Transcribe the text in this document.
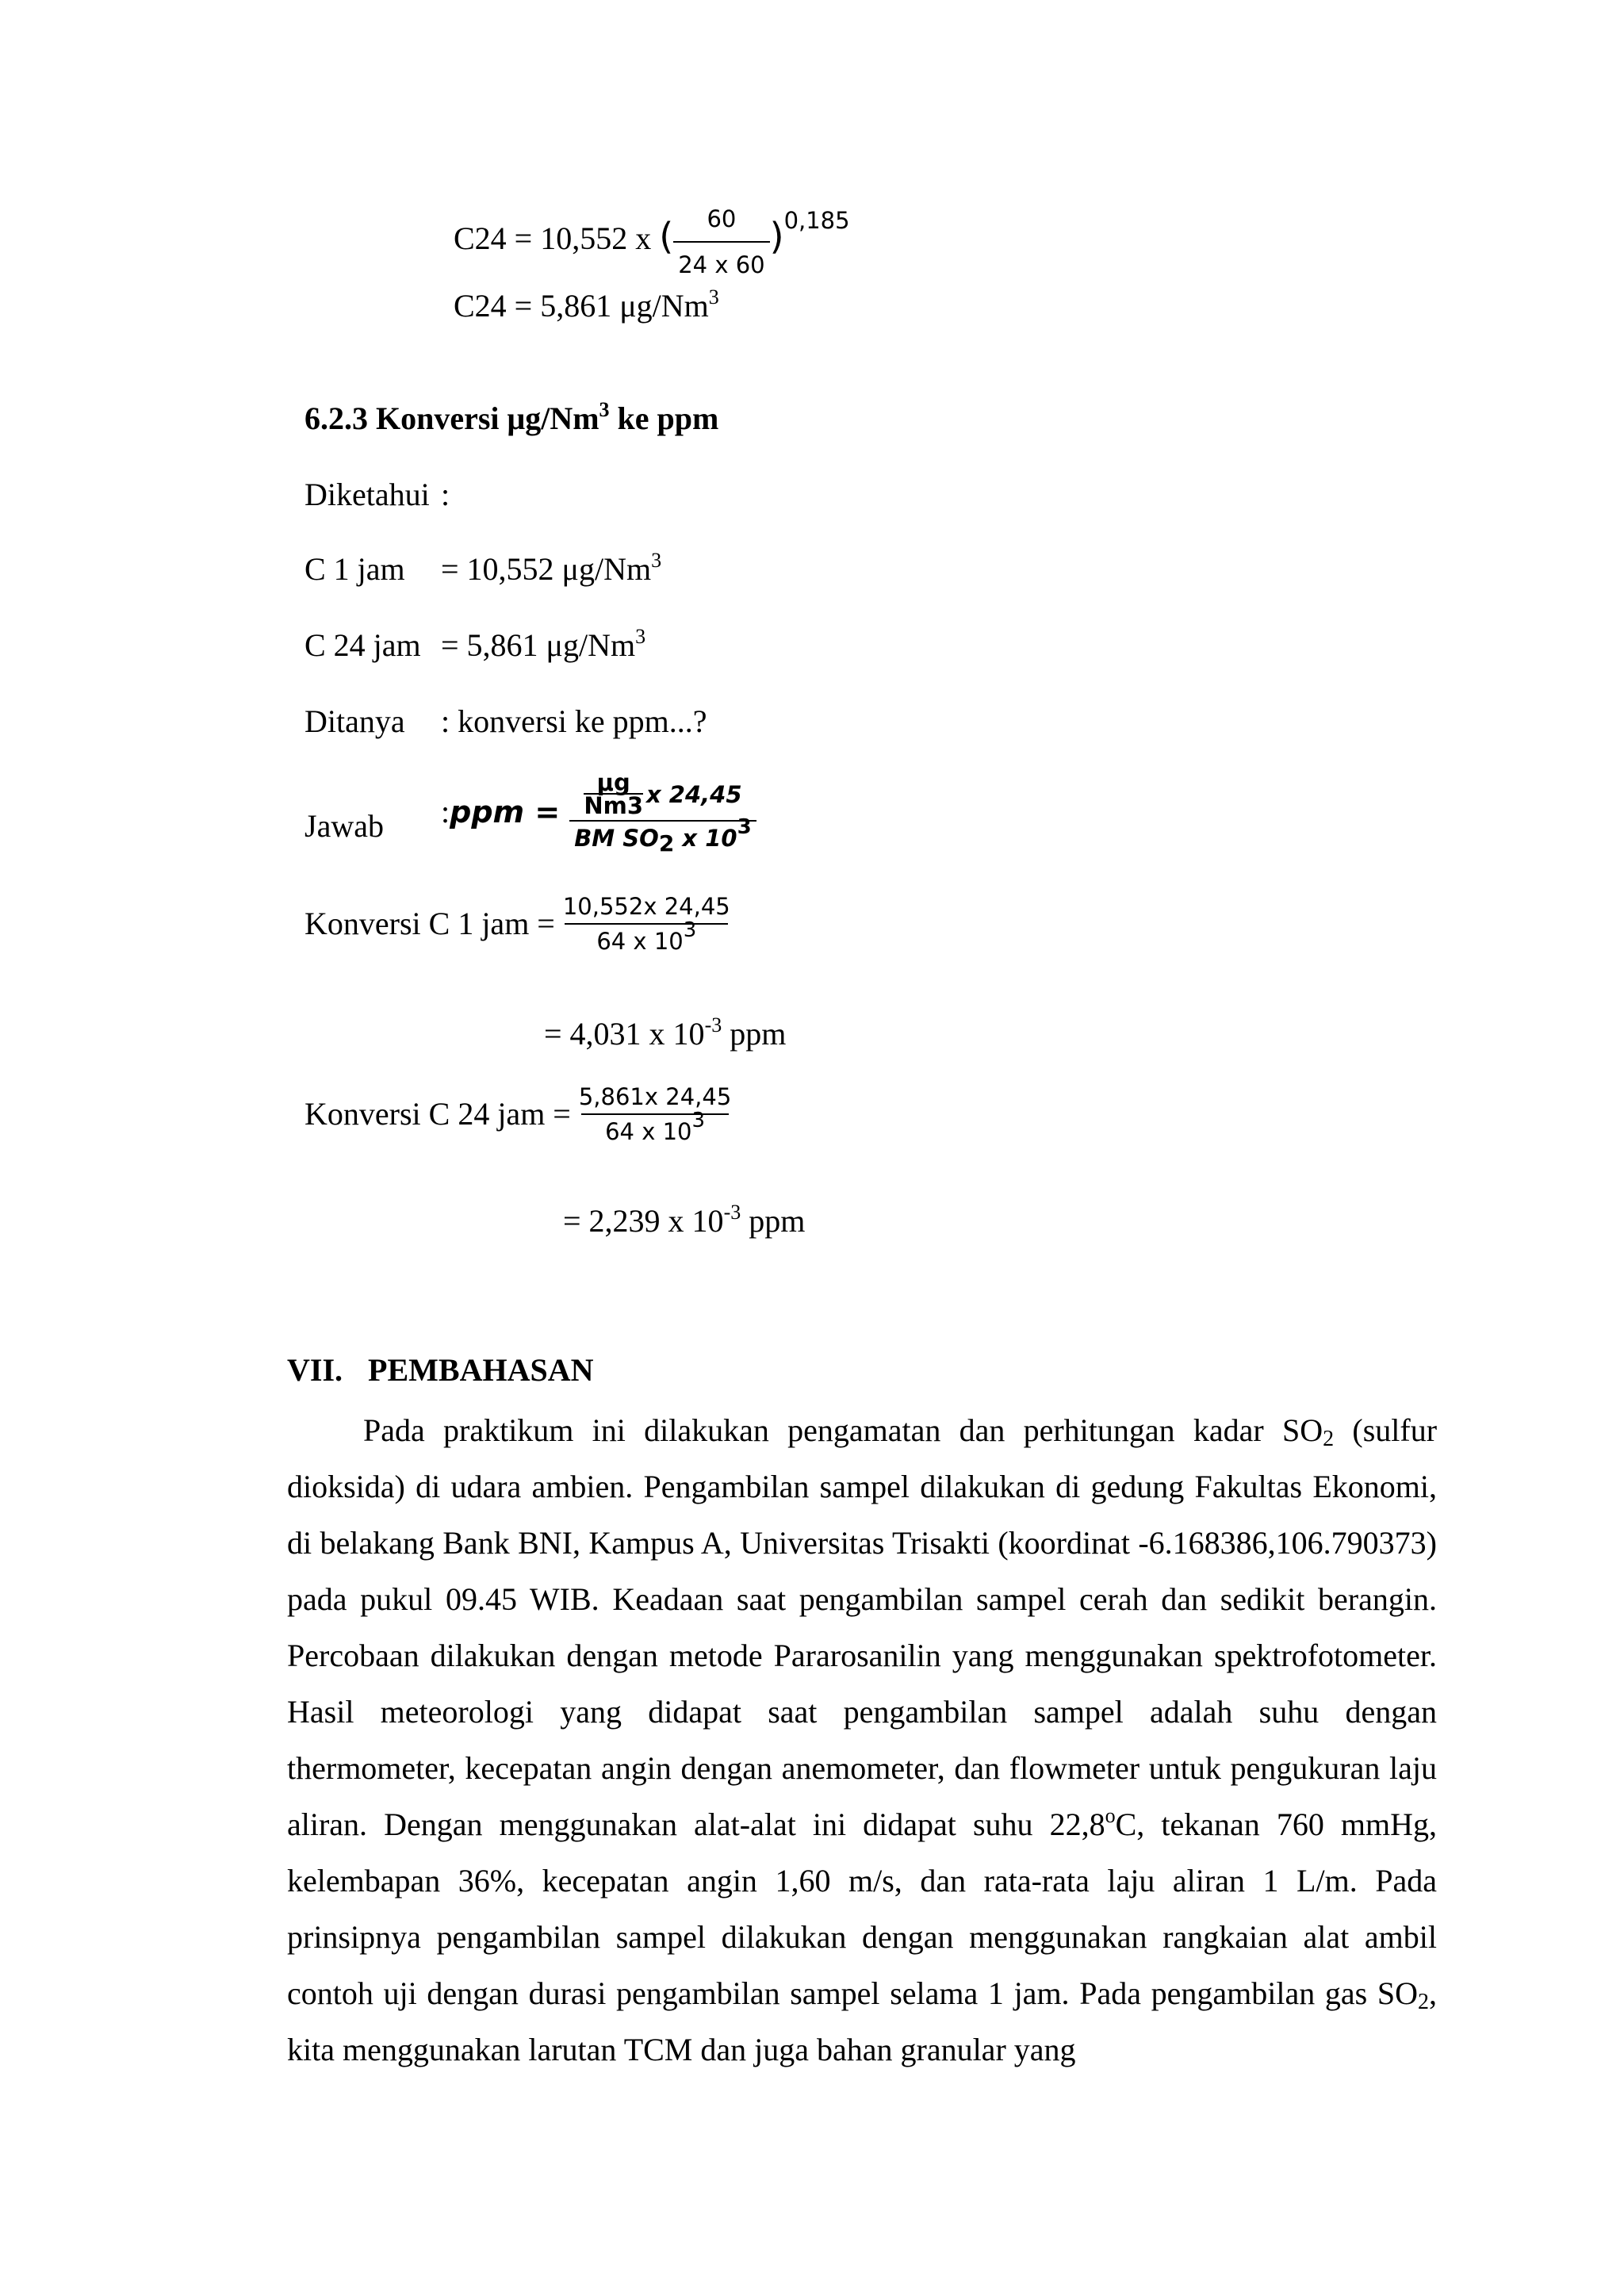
C24 = 10,552 x ( $\frac{60}{24 x 60} )^{0,185}$
C24 = 5,861 μg/Nm$^3$
6.2.3 Konversi μg/Nm$^3$ ke ppm
Diketahui :
C 1 jam = 10,552 μg/Nm$^3$
C 24 jam = 5,861 μg/Nm$^3$
Ditanya : konversi ke ppm...?
Jawab : ppm = $\frac{\frac{\mu g}{Nm3} x 24,45}{BM SO_2 x 10^3}$
Konversi C 1 jam = $\frac{10,552x 24,45}{64 x 10^3}$
= 4,031 x $10^{-3}$ ppm
Konversi C 24 jam = $\frac{5,861x 24,45}{64 x 10^3}$
= 2,239 x $10^{-3}$ ppm
VII. PEMBAHASAN
Pada praktikum ini dilakukan pengamatan dan perhitungan kadar $SO_2$ (sulfur dioksida) di udara ambien. Pengambilan sampel dilakukan di gedung Fakultas Ekonomi, di belakang Bank BNI, Kampus A, Universitas Trisakti (koordinat -6.168386,106.790373) pada pukul 09.45 WIB. Keadaan saat pengambilan sampel cerah dan sedikit berangin. Percobaan dilakukan dengan metode Pararosanilin yang menggunakan spektrofotometer. Hasil meteorologi yang didapat saat pengambilan sampel adalah suhu dengan thermometer, kecepatan angin dengan anemometer, dan flowmeter untuk pengukuran laju aliran. Dengan menggunakan alat-alat ini didapat suhu 22,8$^o$C, tekanan 760 mmHg, kelembapan 36%, kecepatan angin 1,60 m/s, dan rata-rata laju aliran 1 L/m. Pada prinsipnya pengambilan sampel dilakukan dengan menggunakan rangkaian alat ambil contoh uji dengan durasi pengambilan sampel selama 1 jam. Pada pengambilan gas $SO_2$, kita menggunakan larutan TCM dan juga bahan granular yang
